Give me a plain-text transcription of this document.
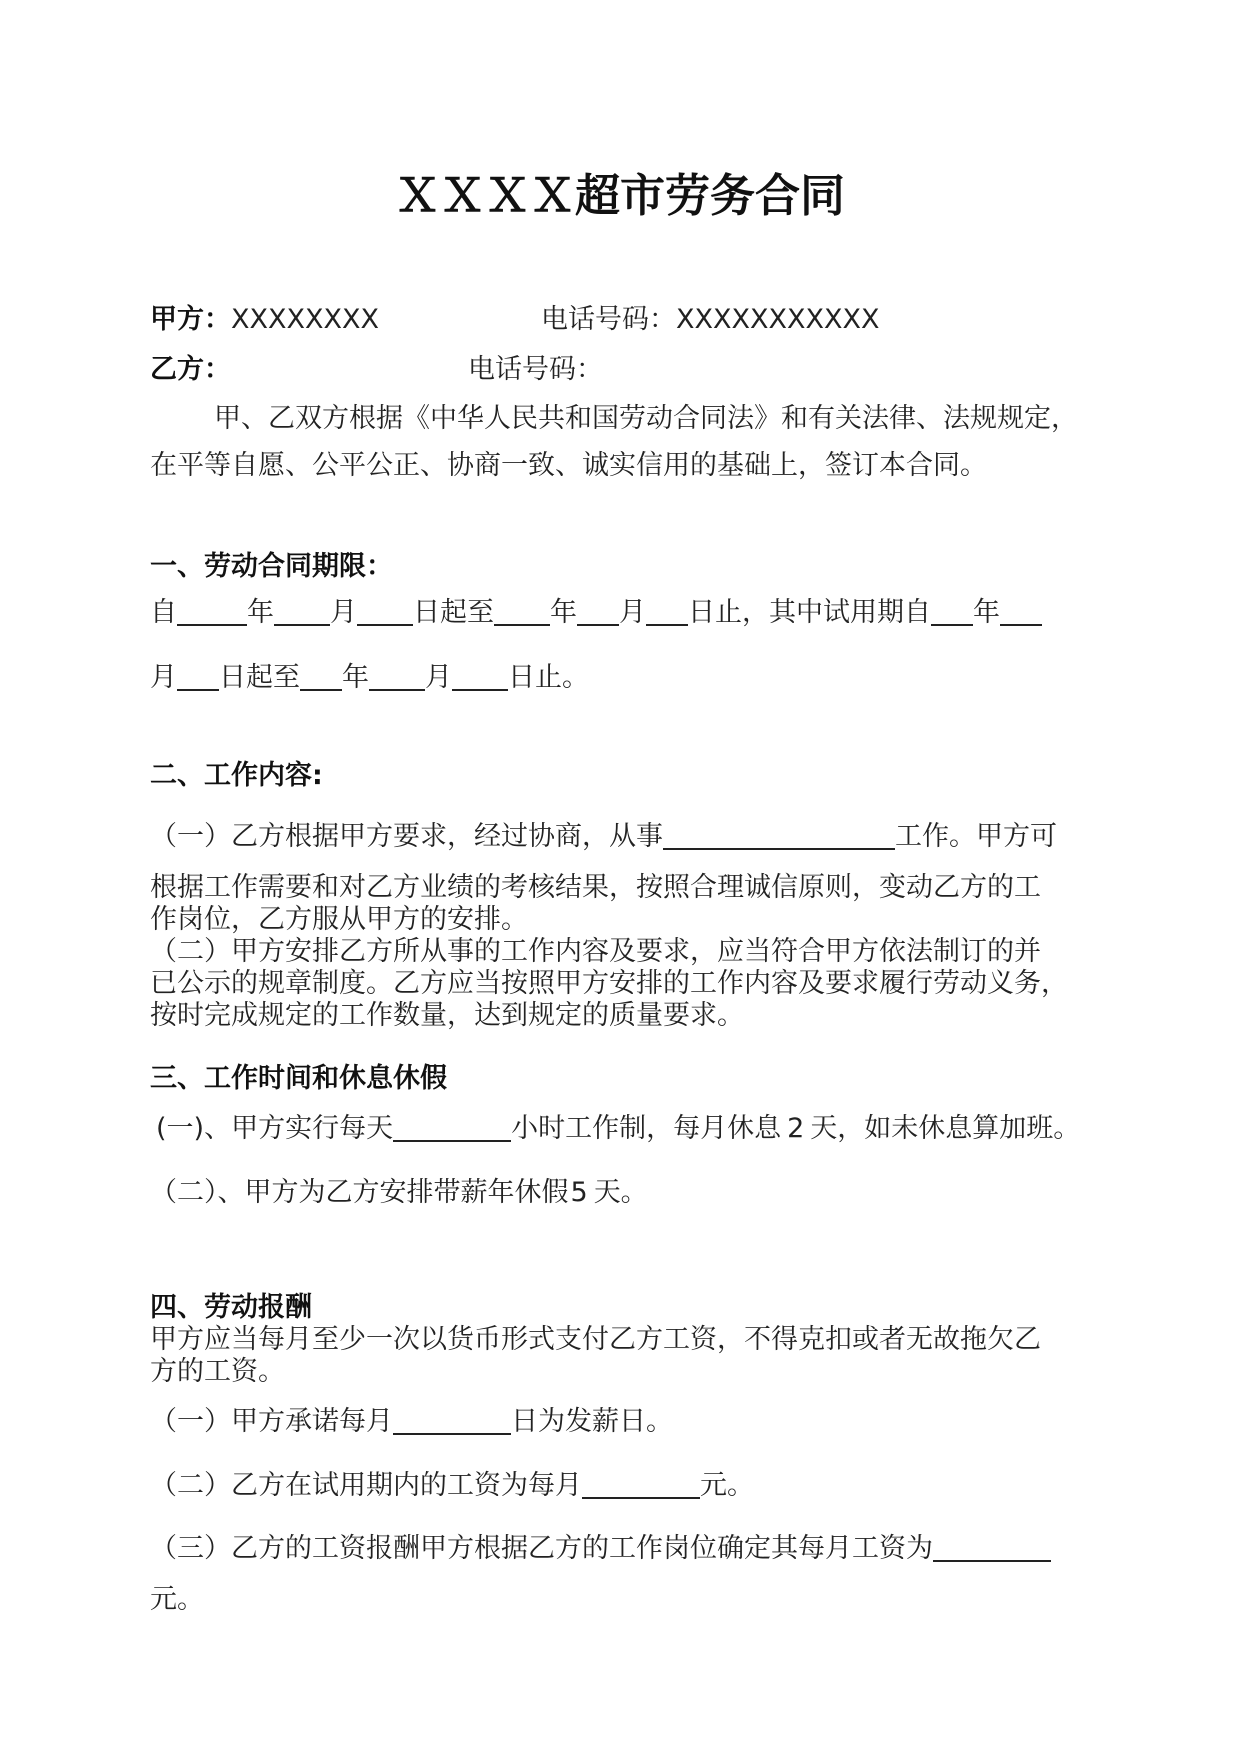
ＸＸＸＸ超市劳务合同
甲方：XXXXXXXX	电话号码：XXXXXXXXXXX
乙方：	电话号码：
甲、乙双方根据《中华人民共和国劳动合同法》和有关法律、法规规定，
在平等自愿、公平公正、协商一致、诚实信用的基础上，签订本合同。
一、劳动合同期限：
自	年 月 日起至 年 月 日止，其中试用期自 年
月 日起至 年 月 日止。
二、工作内容:
（一）乙方根据甲方要求，经过协商，从事	工作。甲方可
根据工作需要和对乙方业绩的考核结果，按照合理诚信原则，变动乙方的工
作岗位，乙方服从甲方的安排。
（二）甲方安排乙方所从事的工作内容及要求，应当符合甲方依法制订的并
已公示的规章制度。乙方应当按照甲方安排的工作内容及要求履行劳动义务，
按时完成规定的工作数量，达到规定的质量要求。
三、工作时间和休息休假
(一)、甲方实行每天	小时工作制，每月休息 2 天，如未休息算加班。
（二）、甲方为乙方安排带薪年休假5 天。
四、劳动报酬
甲方应当每月至少一次以货币形式支付乙方工资，不得克扣或者无故拖欠乙
方的工资。
（一）甲方承诺每月	日为发薪日。
（二）乙方在试用期内的工资为每月	元。
（三）乙方的工资报酬甲方根据乙方的工作岗位确定其每月工资为
元。
